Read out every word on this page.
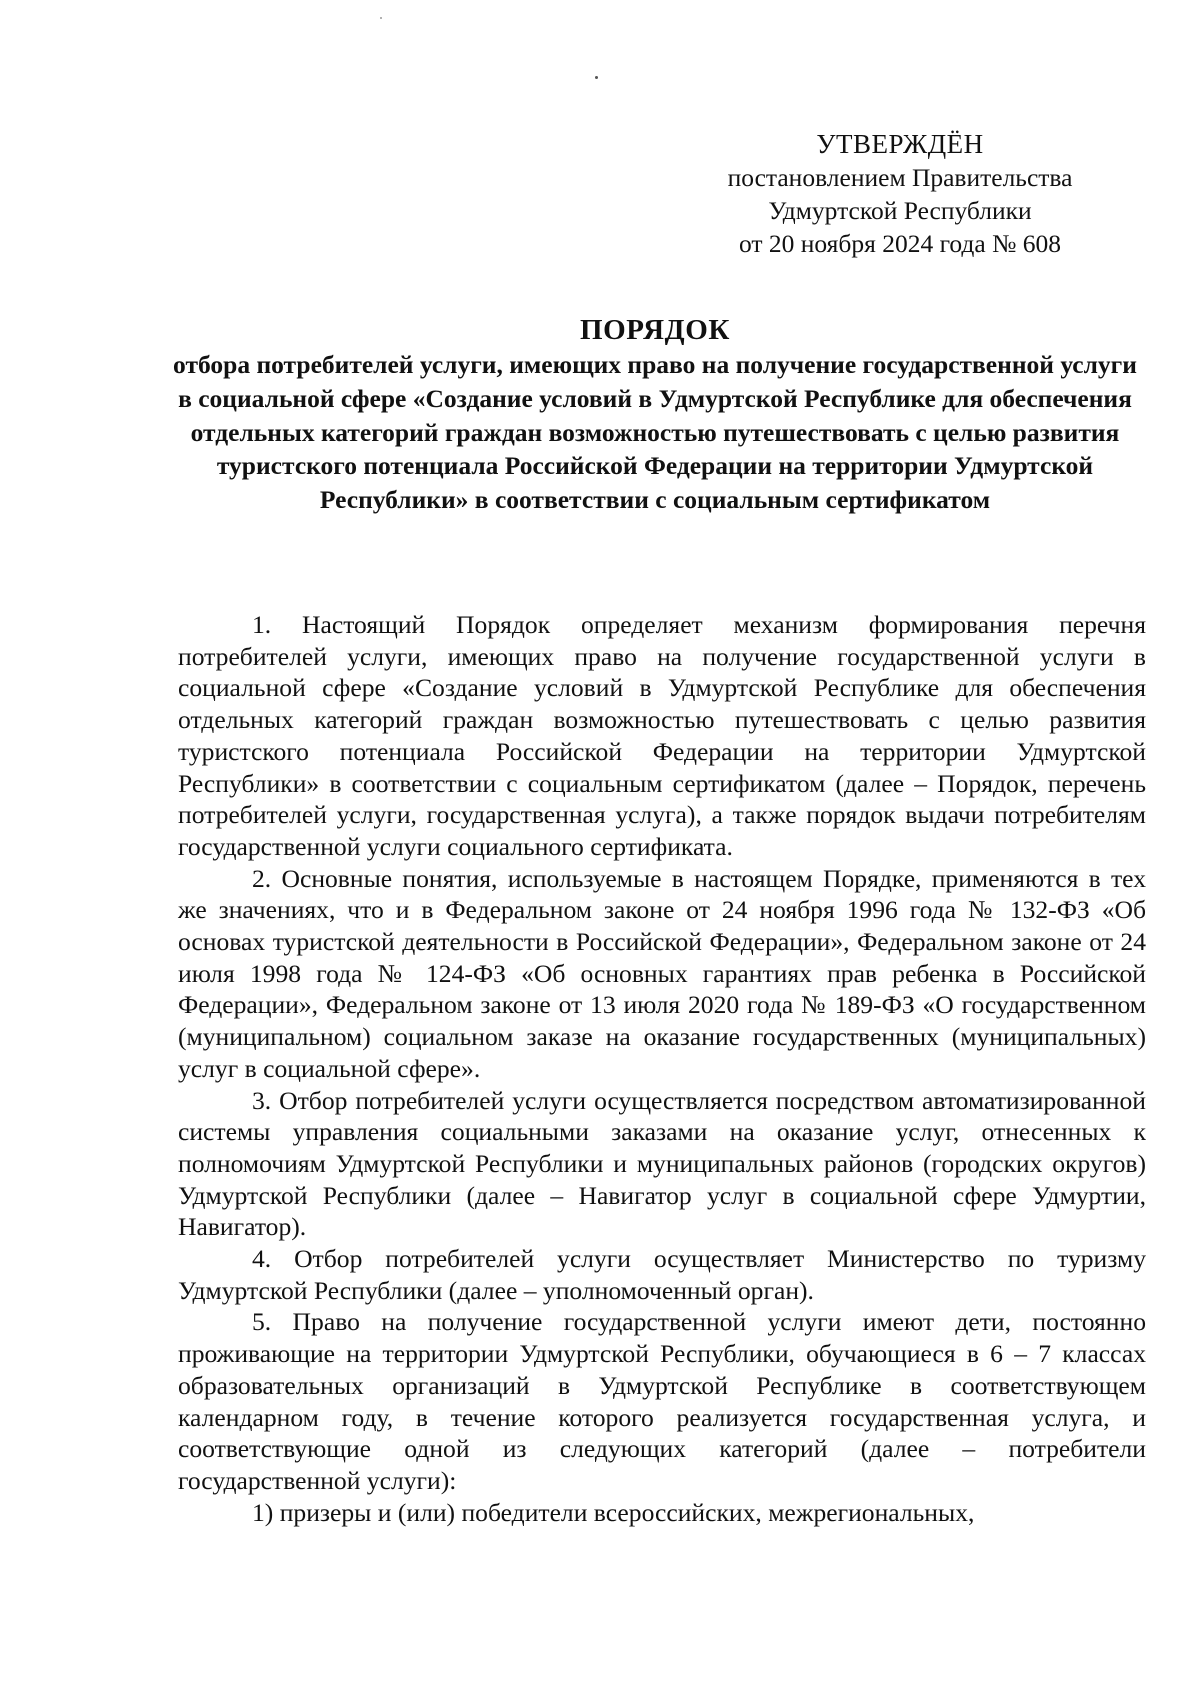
УТВЕРЖДЁН
постановлением Правительства
Удмуртской Республики
от 20 ноября 2024 года № 608
ПОРЯДОК
отбора потребителей услуги, имеющих право на получение государственной услуги в социальной сфере «Создание условий в Удмуртской Республике для обеспечения отдельных категорий граждан возможностью путешествовать с целью развития туристского потенциала Российской Федерации на территории Удмуртской Республики» в соответствии с социальным сертификатом

1. Настоящий Порядок определяет механизм формирования перечня потребителей услуги, имеющих право на получение государственной услуги в социальной сфере «Создание условий в Удмуртской Республике для обеспечения отдельных категорий граждан возможностью путешествовать с целью развития туристского потенциала Российской Федерации на территории Удмуртской Республики» в соответствии с социальным сертификатом (далее – Порядок, перечень потребителей услуги, государственная услуга), а также порядок выдачи потребителям государственной услуги социального сертификата.

2. Основные понятия, используемые в настоящем Порядке, применяются в тех же значениях, что и в Федеральном законе от 24 ноября 1996 года № 132-ФЗ «Об основах туристской деятельности в Российской Федерации», Федеральном законе от 24 июля 1998 года № 124-ФЗ «Об основных гарантиях прав ребенка в Российской Федерации», Федеральном законе от 13 июля 2020 года № 189-ФЗ «О государственном (муниципальном) социальном заказе на оказание государственных (муниципальных) услуг в социальной сфере».

3. Отбор потребителей услуги осуществляется посредством автоматизированной системы управления социальными заказами на оказание услуг, отнесенных к полномочиям Удмуртской Республики и муниципальных районов (городских округов) Удмуртской Республики (далее – Навигатор услуг в социальной сфере Удмуртии, Навигатор).

4. Отбор потребителей услуги осуществляет Министерство по туризму Удмуртской Республики (далее – уполномоченный орган).

5. Право на получение государственной услуги имеют дети, постоянно проживающие на территории Удмуртской Республики, обучающиеся в 6 – 7 классах образовательных организаций в Удмуртской Республике в соответствующем календарном году, в течение которого реализуется государственная услуга, и соответствующие одной из следующих категорий (далее – потребители государственной услуги):

1) призеры и (или) победители всероссийских, межрегиональных,
